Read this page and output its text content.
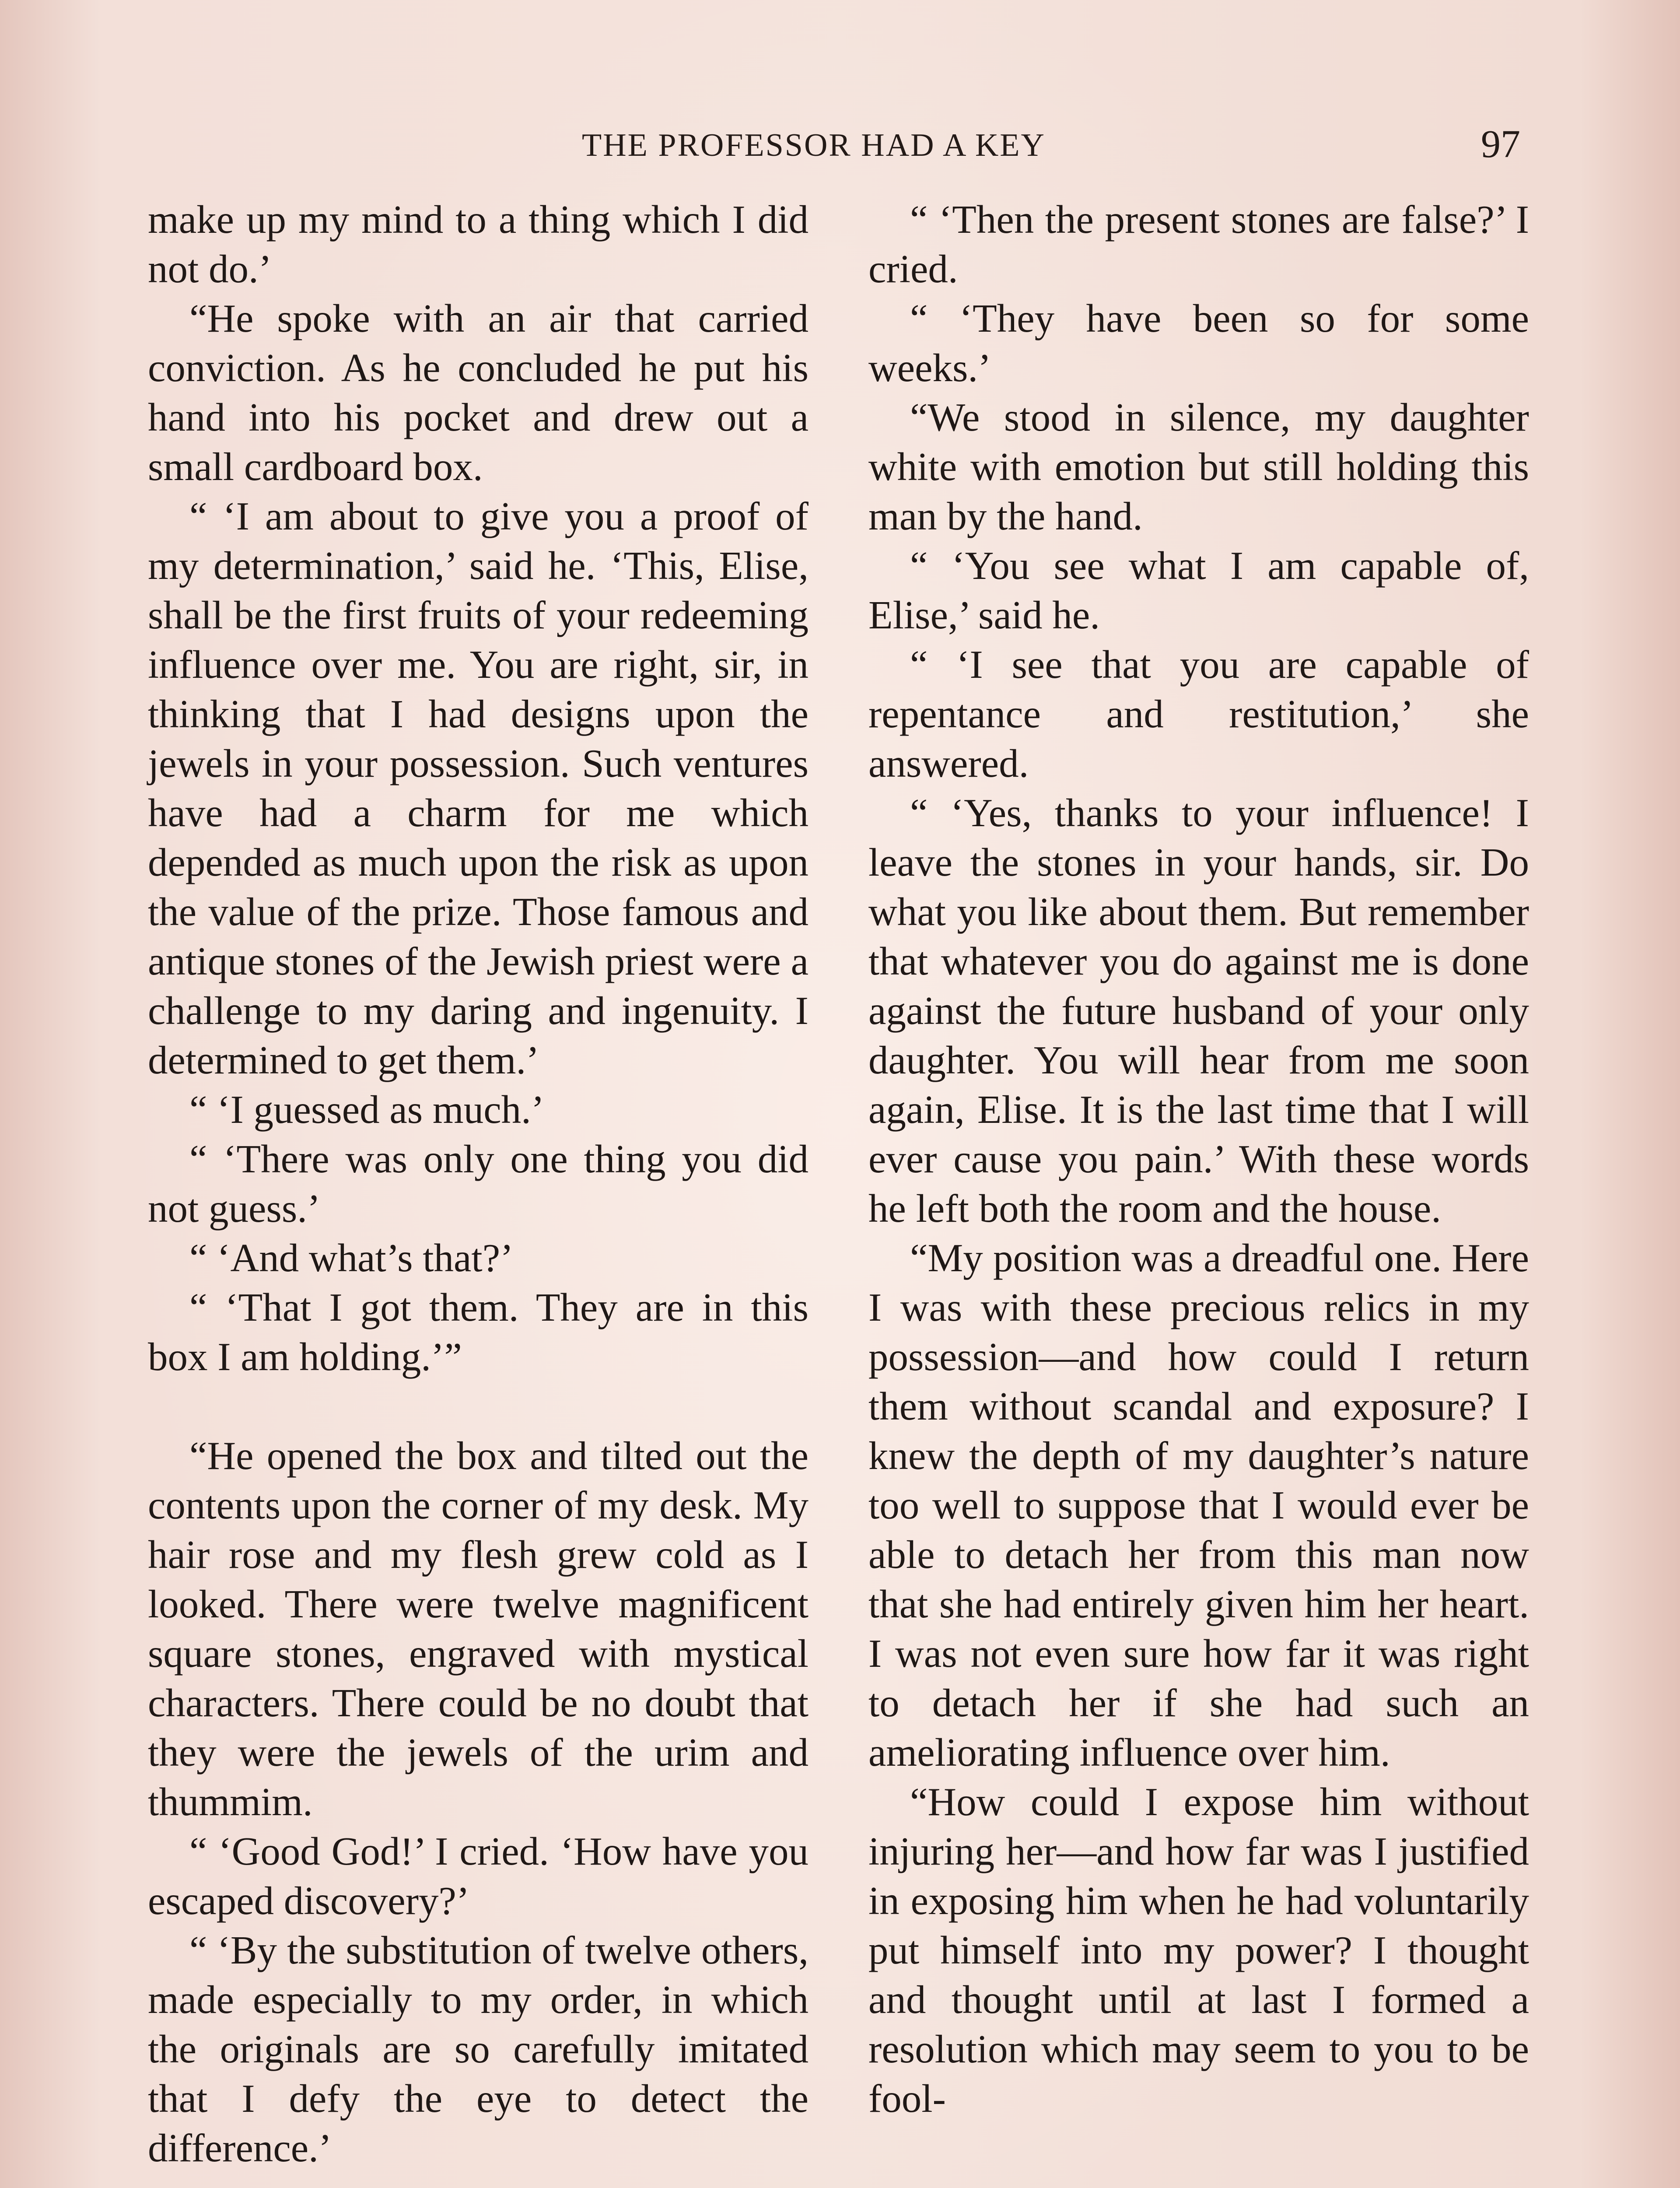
THE PROFESSOR HAD A KEY	97

make up my mind to a thing which I did not do.’

“He spoke with an air that carried conviction. As he concluded he put his hand into his pocket and drew out a small cardboard box.

“ ‘I am about to give you a proof of my determination,’ said he. ‘This, Elise, shall be the first fruits of your redeeming influence over me. You are right, sir, in thinking that I had designs upon the jewels in your possession. Such ventures have had a charm for me which depended as much upon the risk as upon the value of the prize. Those famous and antique stones of the Jewish priest were a challenge to my daring and ingenuity. I determined to get them.’

“ ‘I guessed as much.’

“ ‘There was only one thing you did not guess.’

“ ‘And what’s that?’

“ ‘That I got them. They are in this box I am holding.’”

“He opened the box and tilted out the contents upon the corner of my desk. My hair rose and my flesh grew cold as I looked. There were twelve magnificent square stones, engraved with mystical characters. There could be no doubt that they were the jewels of the urim and thummim.

“ ‘Good God!’ I cried. ‘How have you escaped discovery?’

“ ‘By the substitution of twelve others, made especially to my order, in which the originals are so carefully imitated that I defy the eye to detect the difference.’

“ ‘Then the present stones are false?’ I cried.

“ ‘They have been so for some weeks.’

“We stood in silence, my daughter white with emotion but still holding this man by the hand.

“ ‘You see what I am capable of, Elise,’ said he.

“ ‘I see that you are capable of repentance and restitution,’ she answered.

“ ‘Yes, thanks to your influence! I leave the stones in your hands, sir. Do what you like about them. But remember that whatever you do against me is done against the future husband of your only daughter. You will hear from me soon again, Elise. It is the last time that I will ever cause you pain.’ With these words he left both the room and the house.

“My position was a dreadful one. Here I was with these precious relics in my possession—and how could I return them without scandal and exposure? I knew the depth of my daughter’s nature too well to suppose that I would ever be able to detach her from this man now that she had entirely given him her heart. I was not even sure how far it was right to detach her if she had such an ameliorating influence over him.

“How could I expose him without injuring her—and how far was I justified in exposing him when he had voluntarily put himself into my power? I thought and thought until at last I formed a resolution which may seem to you to be fool-
